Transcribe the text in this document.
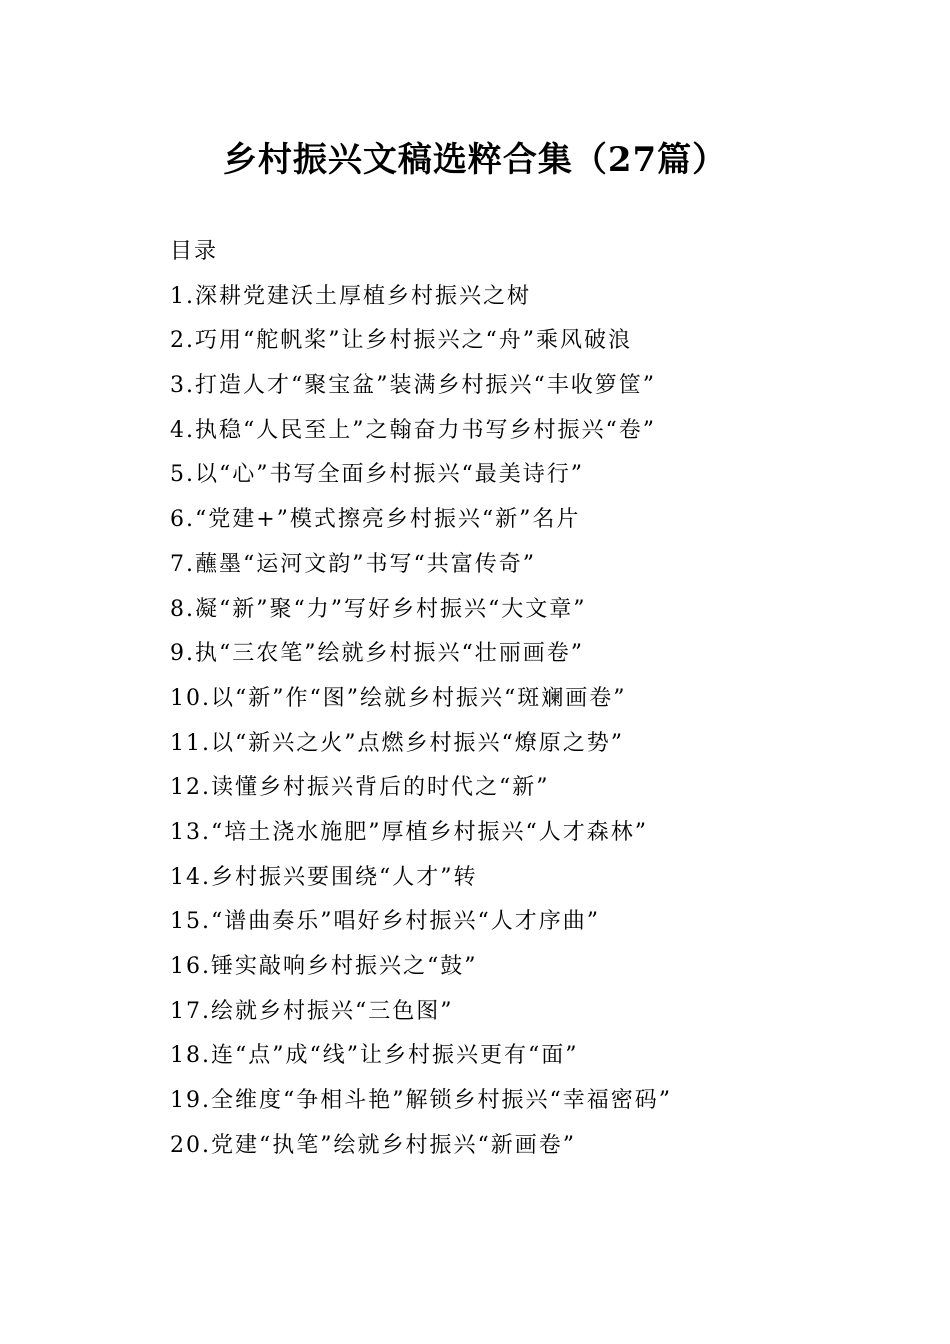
乡村振兴文稿选粹合集（27篇）
目录
1.深耕党建沃土厚植乡村振兴之树
2.巧用“舵帆桨”让乡村振兴之“舟”乘风破浪
3.打造人才“聚宝盆”装满乡村振兴“丰收箩筐”
4.执稳“人民至上”之翰奋力书写乡村振兴“卷”
5.以“心”书写全面乡村振兴“最美诗行”
6.“党建+”模式擦亮乡村振兴“新”名片
7.蘸墨“运河文韵”书写“共富传奇”
8.凝“新”聚“力”写好乡村振兴“大文章”
9.执“三农笔”绘就乡村振兴“壮丽画卷”
10.以“新”作“图”绘就乡村振兴“斑斓画卷”
11.以“新兴之火”点燃乡村振兴“燎原之势”
12.读懂乡村振兴背后的时代之“新”
13.“培土浇水施肥”厚植乡村振兴“人才森林”
14.乡村振兴要围绕“人才”转
15.“谱曲奏乐”唱好乡村振兴“人才序曲”
16.锤实敲响乡村振兴之“鼓”
17.绘就乡村振兴“三色图”
18.连“点”成“线”让乡村振兴更有“面”
19.全维度“争相斗艳”解锁乡村振兴“幸福密码”
20.党建“执笔”绘就乡村振兴“新画卷”
